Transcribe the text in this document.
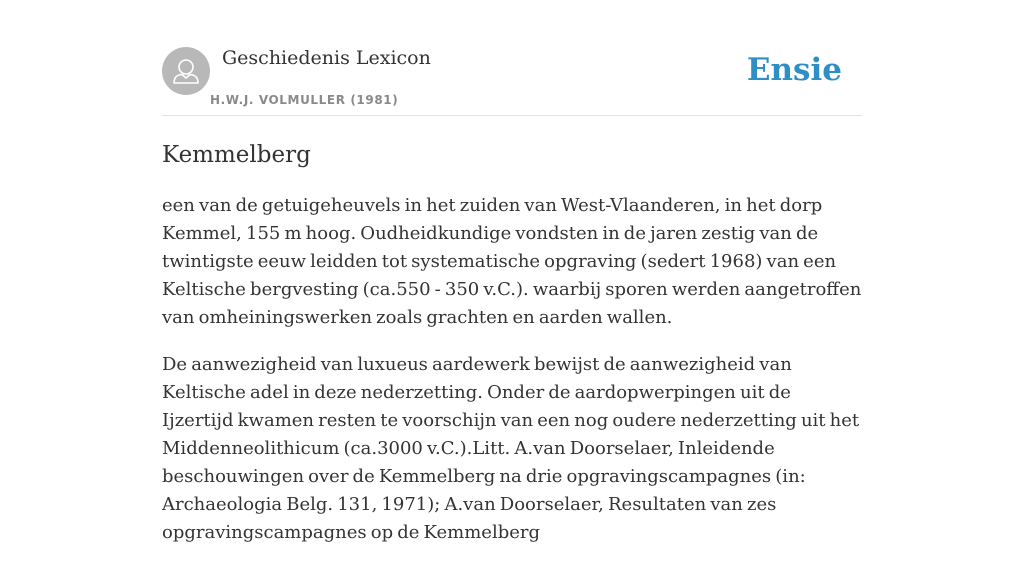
Geschiedenis Lexicon
H.W.J. VOLMULLER (1981)
Ensie
Kemmelberg

een van de getuigeheuvels in het zuiden van West-Vlaanderen, in het dorp Kemmel, 155 m hoog. Oudheidkundige vondsten in de jaren zestig van de twintigste eeuw leidden tot systematische opgraving (sedert 1968) van een Keltische bergvesting (ca.550 - 350 v.C.). waarbij sporen werden aangetroffen van omheiningswerken zoals grachten en aarden wallen.

De aanwezigheid van luxueus aardewerk bewijst de aanwezigheid van Keltische adel in deze nederzetting. Onder de aardopwerpingen uit de Ijzertijd kwamen resten te voorschijn van een nog oudere nederzetting uit het Middenneolithicum (ca.3000 v.C.).Litt. A.van Doorselaer, Inleidende beschouwingen over de Kemmelberg na drie opgravingscampagnes (in: Archaeologia Belg. 131, 1971); A.van Doorselaer, Resultaten van zes opgravingscampagnes op de Kemmelberg
